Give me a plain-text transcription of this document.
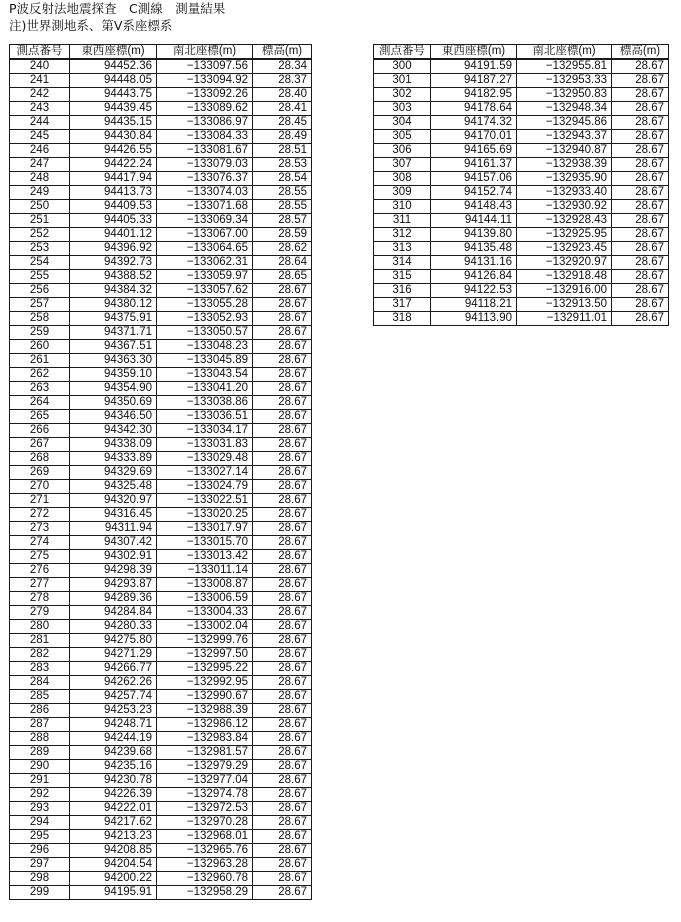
P波反射法地震探査　C測線　測量結果
注)世界測地系、第Ⅴ系座標系
測点番号	東西座標(m)	南北座標(m)	標高(m)
240	94452.36	−133097.56	28.34
241	94448.05	−133094.92	28.37
242	94443.75	−133092.26	28.40
243	94439.45	−133089.62	28.41
244	94435.15	−133086.97	28.45
245	94430.84	−133084.33	28.49
246	94426.55	−133081.67	28.51
247	94422.24	−133079.03	28.53
248	94417.94	−133076.37	28.54
249	94413.73	−133074.03	28.55
250	94409.53	−133071.68	28.55
251	94405.33	−133069.34	28.57
252	94401.12	−133067.00	28.59
253	94396.92	−133064.65	28.62
254	94392.73	−133062.31	28.64
255	94388.52	−133059.97	28.65
256	94384.32	−133057.62	28.67
257	94380.12	−133055.28	28.67
258	94375.91	−133052.93	28.67
259	94371.71	−133050.57	28.67
260	94367.51	−133048.23	28.67
261	94363.30	−133045.89	28.67
262	94359.10	−133043.54	28.67
263	94354.90	−133041.20	28.67
264	94350.69	−133038.86	28.67
265	94346.50	−133036.51	28.67
266	94342.30	−133034.17	28.67
267	94338.09	−133031.83	28.67
268	94333.89	−133029.48	28.67
269	94329.69	−133027.14	28.67
270	94325.48	−133024.79	28.67
271	94320.97	−133022.51	28.67
272	94316.45	−133020.25	28.67
273	94311.94	−133017.97	28.67
274	94307.42	−133015.70	28.67
275	94302.91	−133013.42	28.67
276	94298.39	−133011.14	28.67
277	94293.87	−133008.87	28.67
278	94289.36	−133006.59	28.67
279	94284.84	−133004.33	28.67
280	94280.33	−133002.04	28.67
281	94275.80	−132999.76	28.67
282	94271.29	−132997.50	28.67
283	94266.77	−132995.22	28.67
284	94262.26	−132992.95	28.67
285	94257.74	−132990.67	28.67
286	94253.23	−132988.39	28.67
287	94248.71	−132986.12	28.67
288	94244.19	−132983.84	28.67
289	94239.68	−132981.57	28.67
290	94235.16	−132979.29	28.67
291	94230.78	−132977.04	28.67
292	94226.39	−132974.78	28.67
293	94222.01	−132972.53	28.67
294	94217.62	−132970.28	28.67
295	94213.23	−132968.01	28.67
296	94208.85	−132965.76	28.67
297	94204.54	−132963.28	28.67
298	94200.22	−132960.78	28.67
299	94195.91	−132958.29	28.67
測点番号	東西座標(m)	南北座標(m)	標高(m)
300	94191.59	−132955.81	28.67
301	94187.27	−132953.33	28.67
302	94182.95	−132950.83	28.67
303	94178.64	−132948.34	28.67
304	94174.32	−132945.86	28.67
305	94170.01	−132943.37	28.67
306	94165.69	−132940.87	28.67
307	94161.37	−132938.39	28.67
308	94157.06	−132935.90	28.67
309	94152.74	−132933.40	28.67
310	94148.43	−132930.92	28.67
311	94144.11	−132928.43	28.67
312	94139.80	−132925.95	28.67
313	94135.48	−132923.45	28.67
314	94131.16	−132920.97	28.67
315	94126.84	−132918.48	28.67
316	94122.53	−132916.00	28.67
317	94118.21	−132913.50	28.67
318	94113.90	−132911.01	28.67
